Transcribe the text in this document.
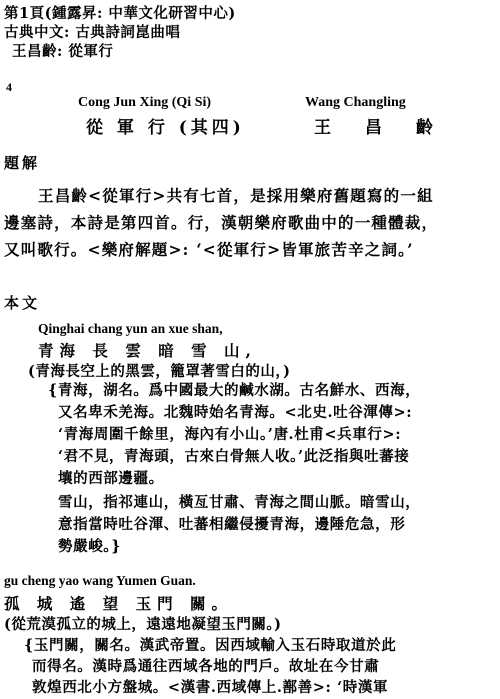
第1頁(鍾露昇: 中華文化研習中心)
古典中文: 古典詩詞崑曲唱
王昌齡: 從軍行
4
Cong Jun Xing (Qi Si)
從 軍 行 (其四)
Wang Changling
王 昌 齡
題解
王昌齡<從軍行>共有七首，是採用樂府舊題寫的一組
邊塞詩，本詩是第四首。行，漢朝樂府歌曲中的一種體裁，
又叫歌行。<樂府解題>: ‘<從軍行>皆軍旅苦辛之詞。’
本文
Qinghai chang yun an xue shan,
青海 長 雲 暗 雪 山,
(青海長空上的黑雲，籠罩著雪白的山，)
{青海，湖名。爲中國最大的鹹水湖。古名鮮水、西海，
又名卑禾羌海。北魏時始名青海。<北史.吐谷渾傳>:
‘青海周圍千餘里，海內有小山。’唐.杜甫<兵車行>:
‘君不見，青海頭，古來白骨無人收。’此泛指與吐蕃接
壤的西部邊疆。
雪山，指祁連山，橫亙甘肅、青海之間山脈。暗雪山，
意指當時吐谷渾、吐蕃相繼侵擾青海，邊陲危急，形
勢嚴峻。}
gu cheng yao wang Yumen Guan.
孤 城 遙 望 玉門 關。
(從荒漠孤立的城上，遠遠地凝望玉門關。)
{玉門關，關名。漢武帝置。因西域輸入玉石時取道於此
而得名。漢時爲通往西域各地的門戶。故址在今甘肅
敦煌西北小方盤城。<漢書.西域傳上.鄯善>: ‘時漢軍
